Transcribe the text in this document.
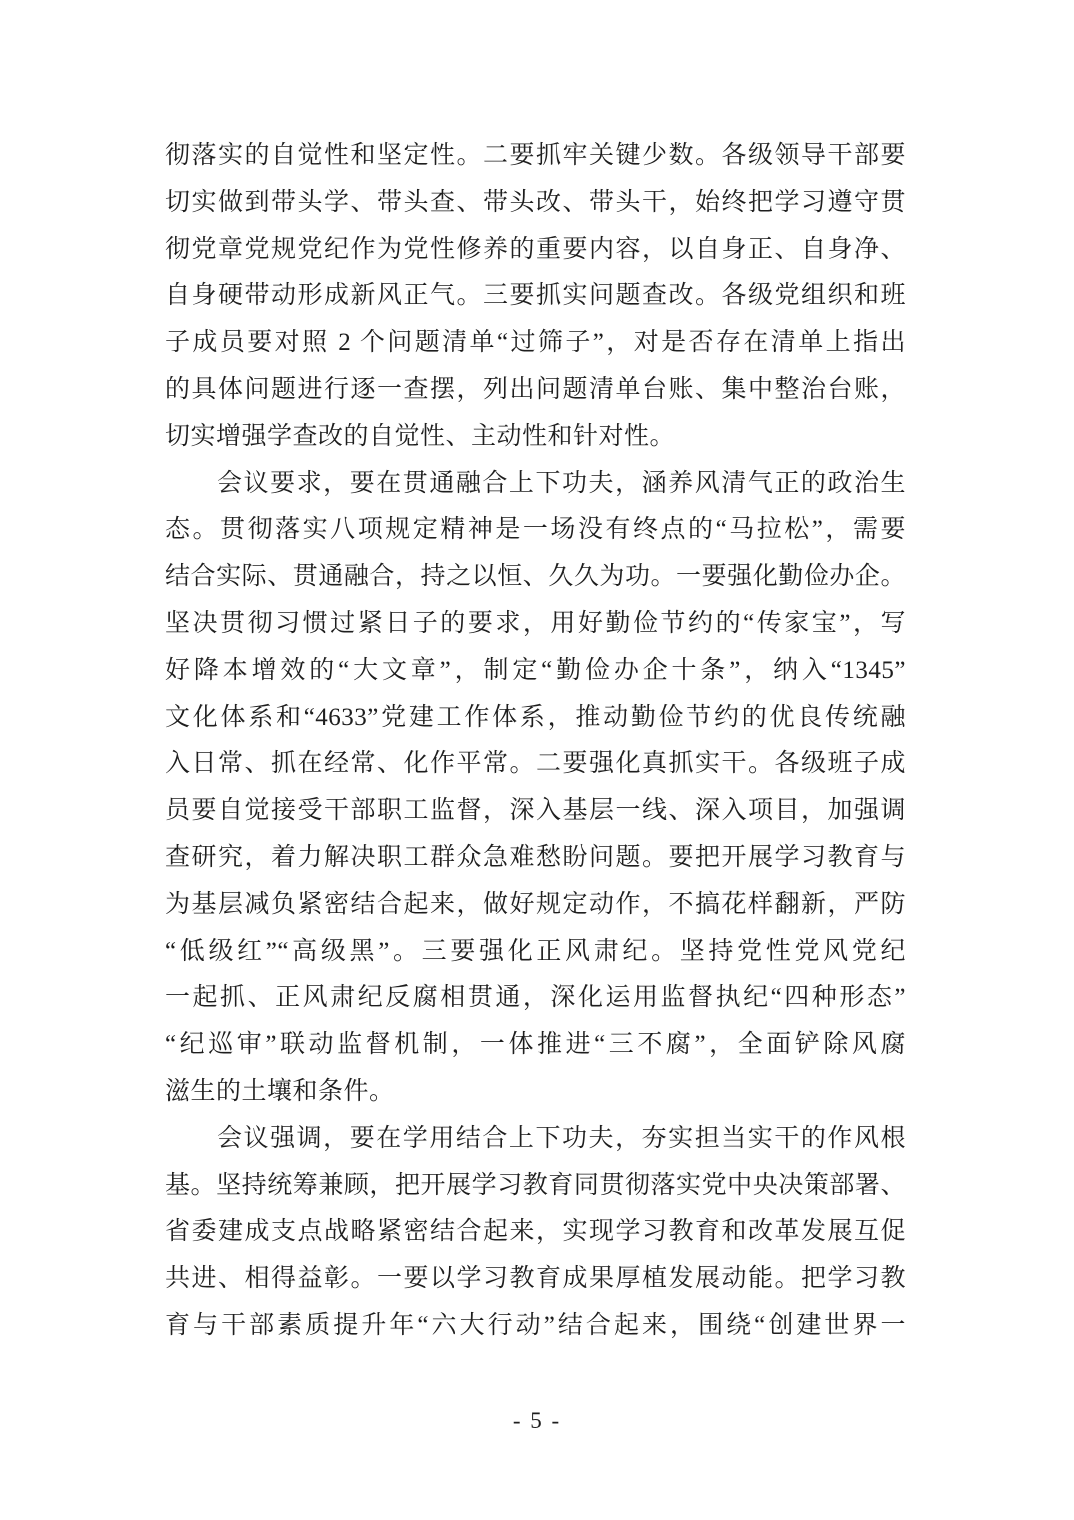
彻落实的自觉性和坚定性。二要抓牢关键少数。各级领导干部要
切实做到带头学、带头查、带头改、带头干，始终把学习遵守贯
彻党章党规党纪作为党性修养的重要内容，以自身正、自身净、
自身硬带动形成新风正气。三要抓实问题查改。各级党组织和班
子成员要对照 2 个问题清单“过筛子”，对是否存在清单上指出
的具体问题进行逐一查摆，列出问题清单台账、集中整治台账，
切实增强学查改的自觉性、主动性和针对性。
会议要求，要在贯通融合上下功夫，涵养风清气正的政治生
态。贯彻落实八项规定精神是一场没有终点的“马拉松”，需要
结合实际、贯通融合，持之以恒、久久为功。一要强化勤俭办企。
坚决贯彻习惯过紧日子的要求，用好勤俭节约的“传家宝”，写
好降本增效的“大文章”，制定“勤俭办企十条”，纳入“1345”
文化体系和“4633”党建工作体系，推动勤俭节约的优良传统融
入日常、抓在经常、化作平常。二要强化真抓实干。各级班子成
员要自觉接受干部职工监督，深入基层一线、深入项目，加强调
查研究，着力解决职工群众急难愁盼问题。要把开展学习教育与
为基层减负紧密结合起来，做好规定动作，不搞花样翻新，严防
“低级红”“高级黑”。三要强化正风肃纪。坚持党性党风党纪
一起抓、正风肃纪反腐相贯通，深化运用监督执纪“四种形态”
“纪巡审”联动监督机制，一体推进“三不腐”，全面铲除风腐
滋生的土壤和条件。
会议强调，要在学用结合上下功夫，夯实担当实干的作风根
基。坚持统筹兼顾，把开展学习教育同贯彻落实党中央决策部署、
省委建成支点战略紧密结合起来，实现学习教育和改革发展互促
共进、相得益彰。一要以学习教育成果厚植发展动能。把学习教
育与干部素质提升年“六大行动”结合起来，围绕“创建世界一
- 5 -
